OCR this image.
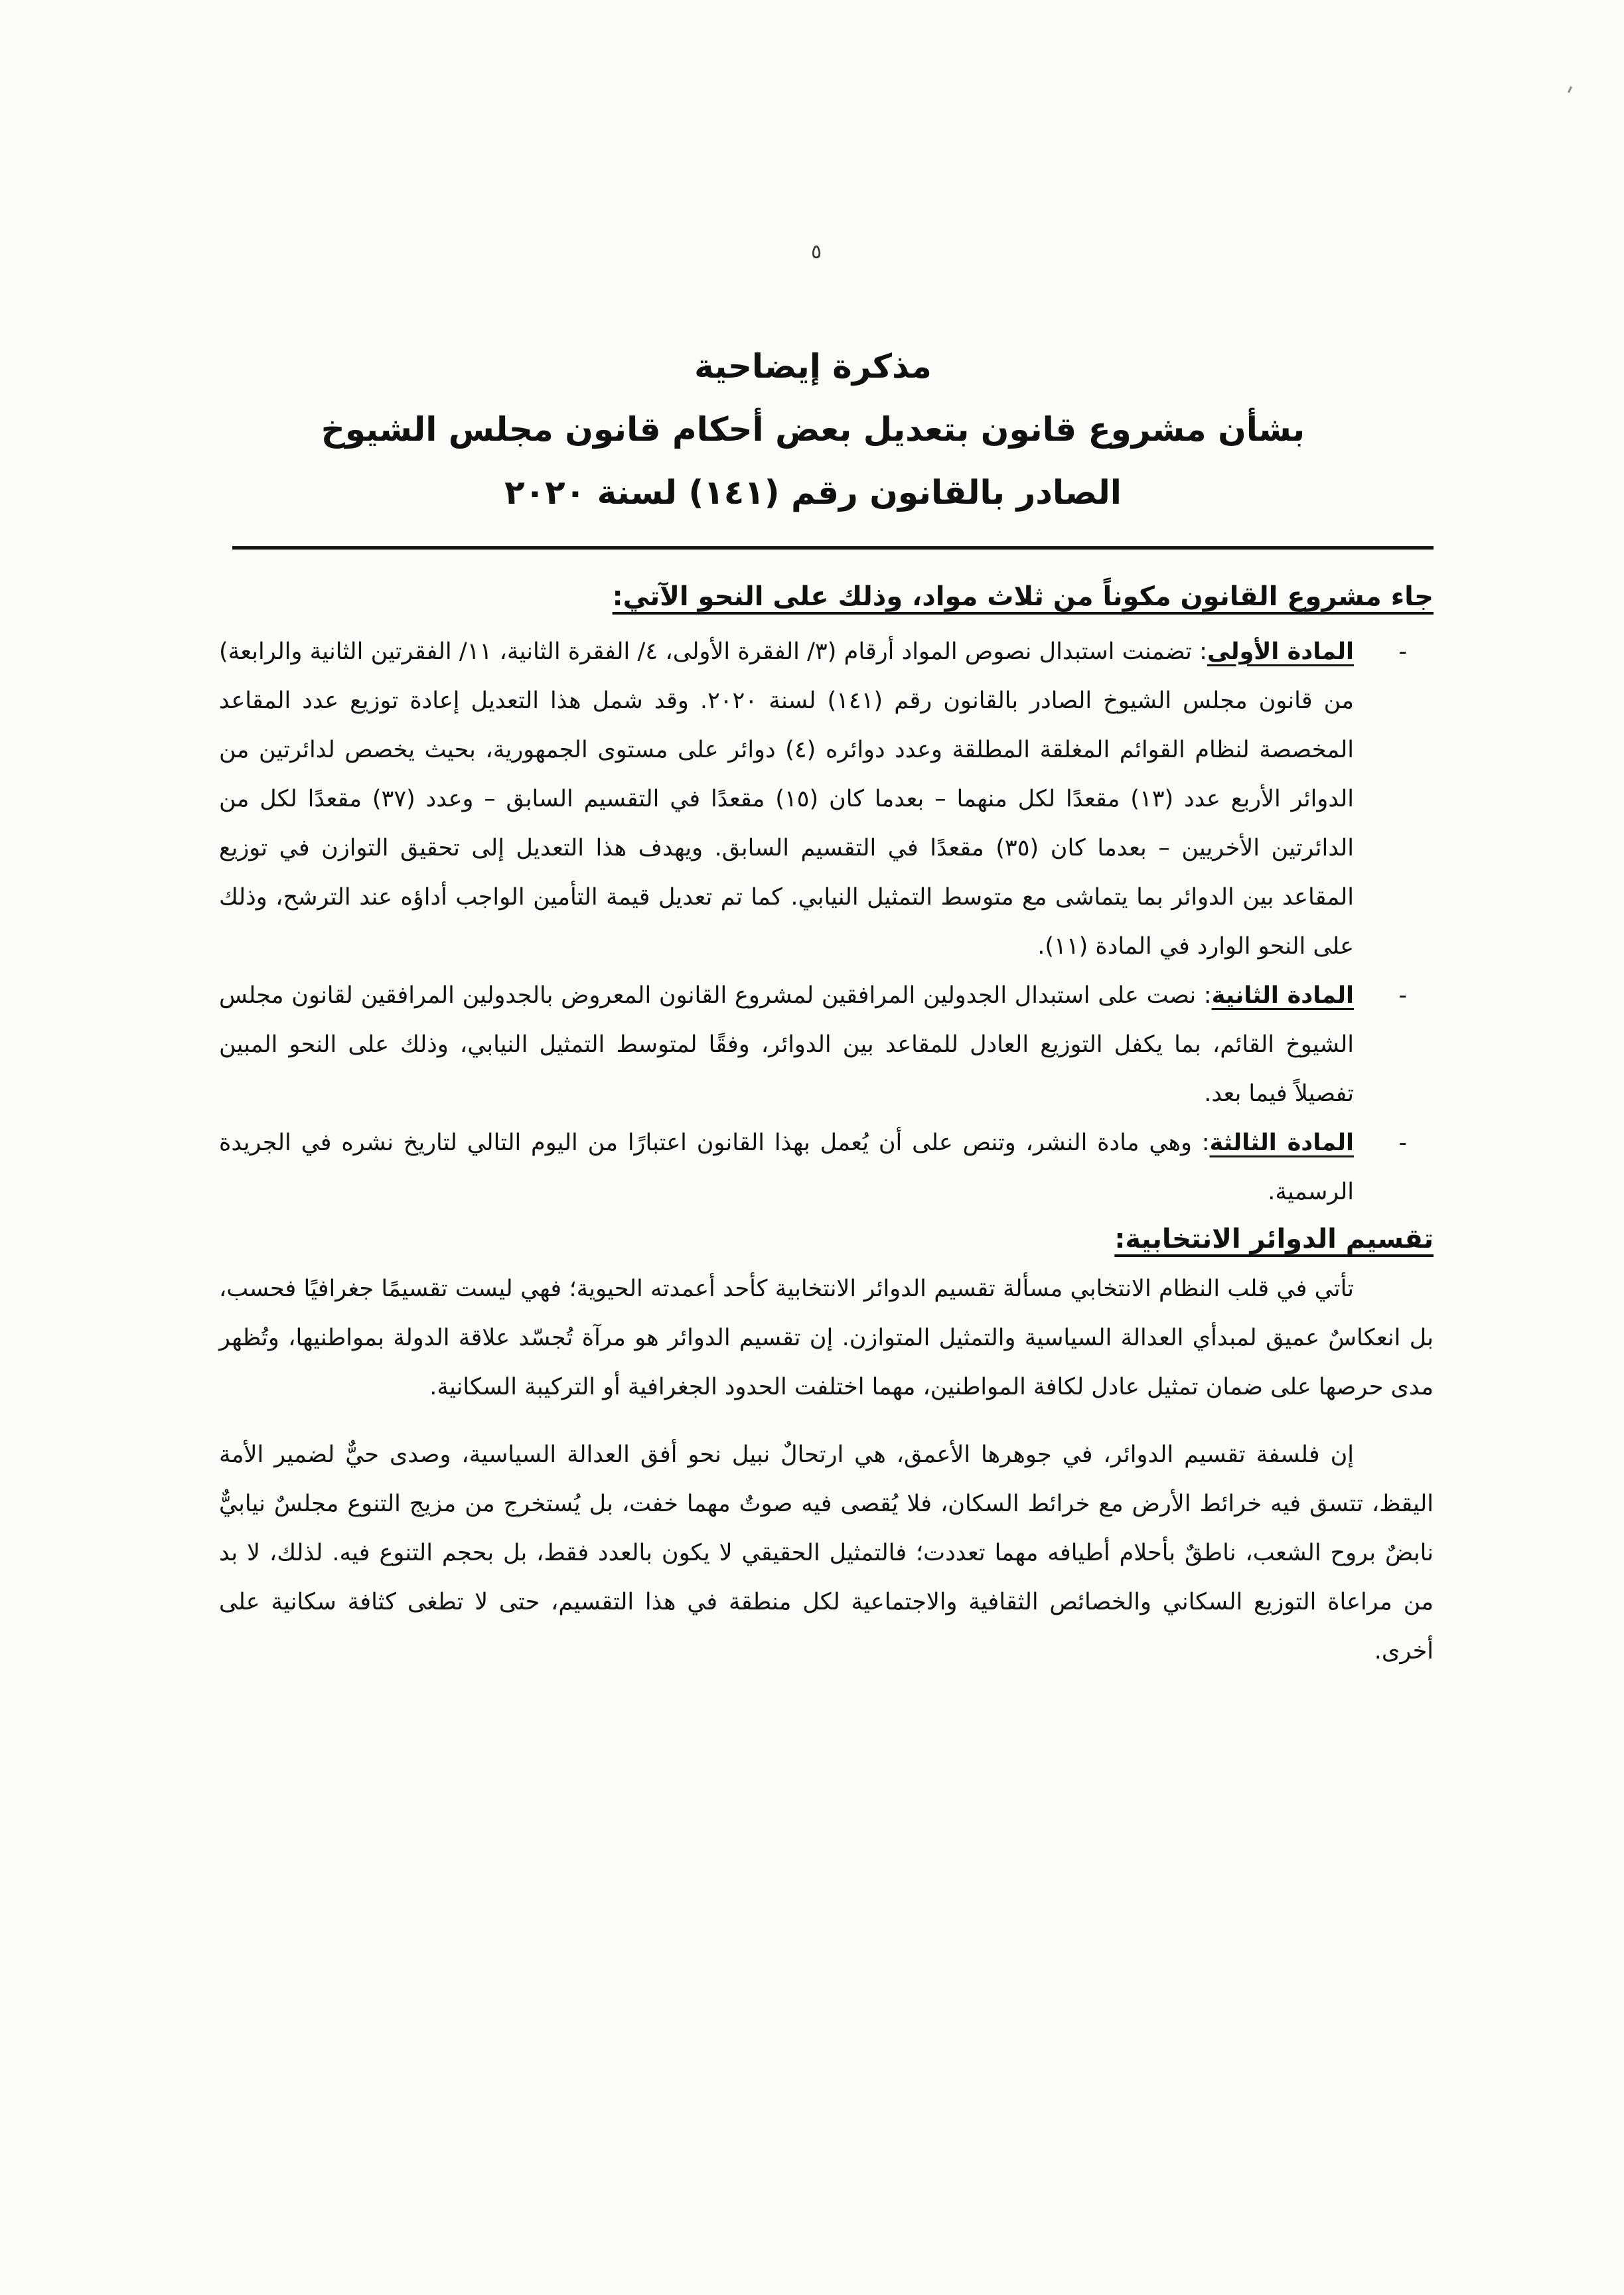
٥
مذكرة إيضاحية
بشأن مشروع قانون بتعديل بعض أحكام قانون مجلس الشيوخ
الصادر بالقانون رقم (١٤١) لسنة ٢٠٢٠
جاء مشروع القانون مكوناً من ثلاث مواد، وذلك على النحو الآتي:
-
المادة الأولى: تضمنت استبدال نصوص المواد أرقام (٣/ الفقرة الأولى، ٤/ الفقرة الثانية، ١١/ الفقرتين الثانية والرابعة) من قانون مجلس الشيوخ الصادر بالقانون رقم (١٤١) لسنة ٢٠٢٠. وقد شمل هذا التعديل إعادة توزيع عدد المقاعد المخصصة لنظام القوائم المغلقة المطلقة وعدد دوائره (٤) دوائر على مستوى الجمهورية، بحيث يخصص لدائرتين من الدوائر الأربع عدد (١٣) مقعدًا لكل منهما – بعدما كان (١٥) مقعدًا في التقسيم السابق – وعدد (٣٧) مقعدًا لكل من الدائرتين الأخريين – بعدما كان (٣٥) مقعدًا في التقسيم السابق. ويهدف هذا التعديل إلى تحقيق التوازن في توزيع المقاعد بين الدوائر بما يتماشى مع متوسط التمثيل النيابي. كما تم تعديل قيمة التأمين الواجب أداؤه عند الترشح، وذلك على النحو الوارد في المادة (١١).
-
المادة الثانية: نصت على استبدال الجدولين المرافقين لمشروع القانون المعروض بالجدولين المرافقين لقانون مجلس الشيوخ القائم، بما يكفل التوزيع العادل للمقاعد بين الدوائر، وفقًا لمتوسط التمثيل النيابي، وذلك على النحو المبين تفصيلاً فيما بعد.
-
المادة الثالثة: وهي مادة النشر، وتنص على أن يُعمل بهذا القانون اعتبارًا من اليوم التالي لتاريخ نشره في الجريدة الرسمية.
تقسيم الدوائر الانتخابية:
تأتي في قلب النظام الانتخابي مسألة تقسيم الدوائر الانتخابية كأحد أعمدته الحيوية؛ فهي ليست تقسيمًا جغرافيًا فحسب، بل انعكاسٌ عميق لمبدأي العدالة السياسية والتمثيل المتوازن. إن تقسيم الدوائر هو مرآة تُجسّد علاقة الدولة بمواطنيها، وتُظهر مدى حرصها على ضمان تمثيل عادل لكافة المواطنين، مهما اختلفت الحدود الجغرافية أو التركيبة السكانية.
إن فلسفة تقسيم الدوائر، في جوهرها الأعمق، هي ارتحالٌ نبيل نحو أفق العدالة السياسية، وصدى حيٌّ لضمير الأمة اليقظ، تتسق فيه خرائط الأرض مع خرائط السكان، فلا يُقصى فيه صوتٌ مهما خفت، بل يُستخرج من مزيج التنوع مجلسٌ نيابيٌّ نابضٌ بروح الشعب، ناطقٌ بأحلام أطيافه مهما تعددت؛ فالتمثيل الحقيقي لا يكون بالعدد فقط، بل بحجم التنوع فيه. لذلك، لا بد من مراعاة التوزيع السكاني والخصائص الثقافية والاجتماعية لكل منطقة في هذا التقسيم، حتى لا تطغى كثافة سكانية على أخرى.
